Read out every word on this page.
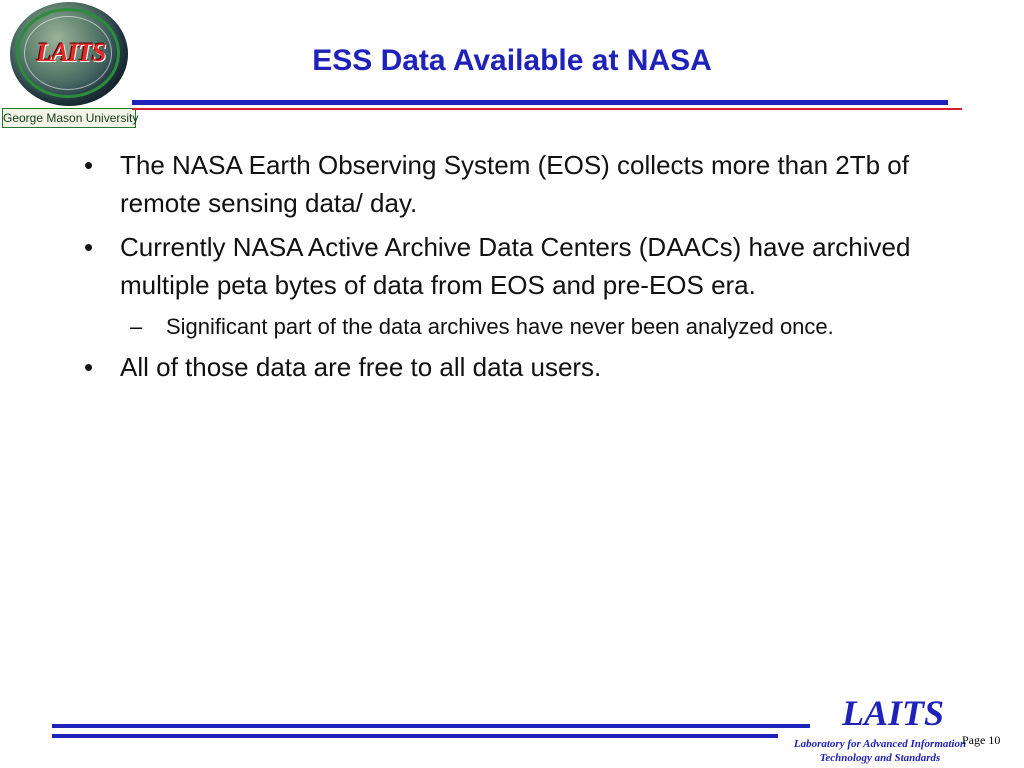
LAITS
George Mason University
ESS Data Available at NASA
•	The NASA Earth Observing System (EOS) collects more than 2Tb of remote sensing data/ day.
•	Currently NASA Active Archive Data Centers (DAACs) have archived multiple peta bytes of data from EOS and pre-EOS era.
–	Significant part of the data archives have never been analyzed once.
•	All of those data are free to all data users.
LAITS
Laboratory for Advanced Information Technology and Standards
Page 10
